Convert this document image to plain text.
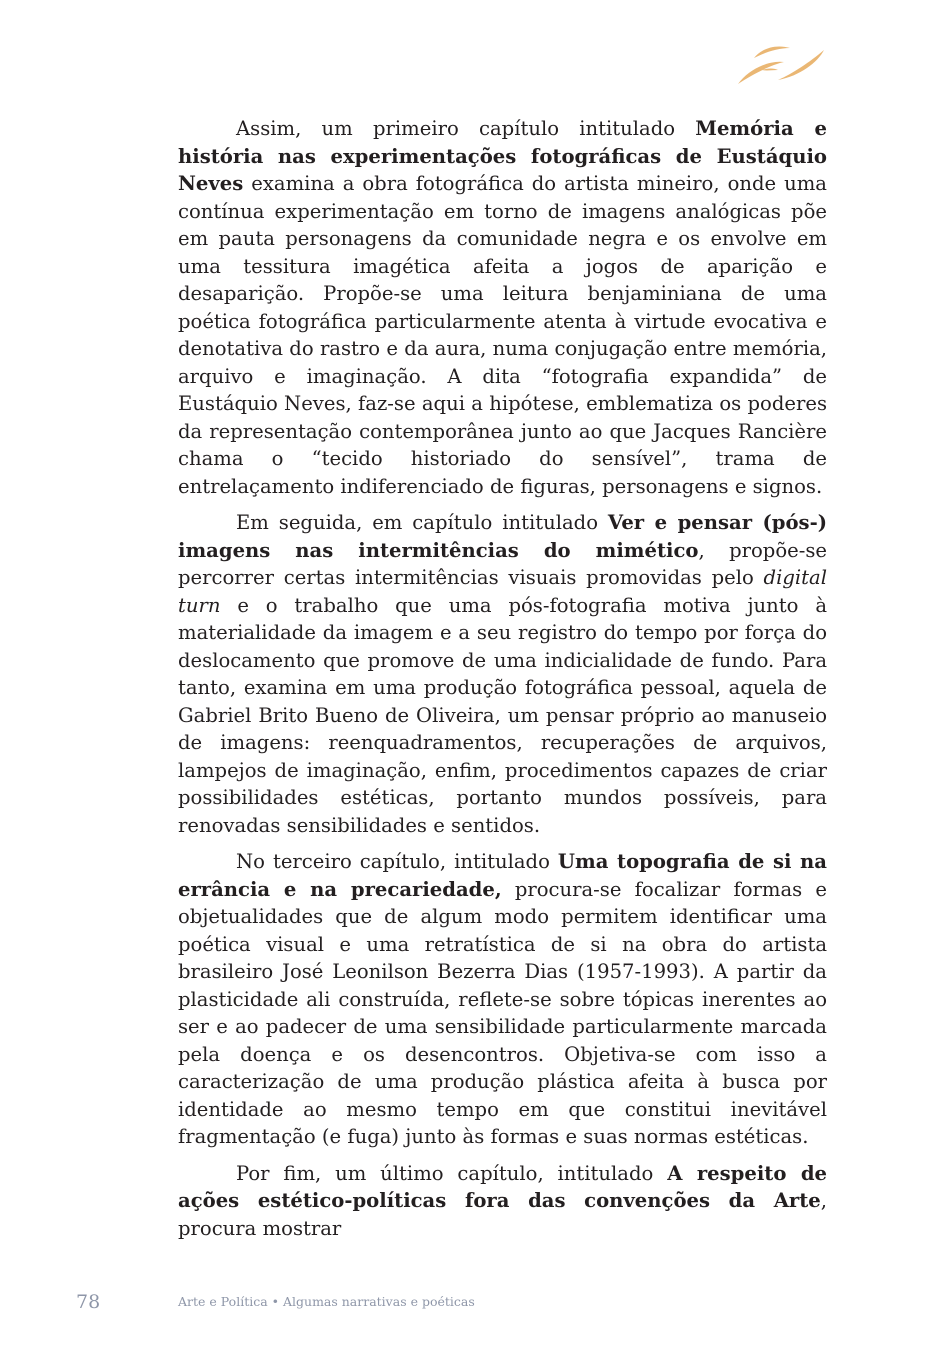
Assim, um primeiro capítulo intitulado Memória e história nas experimentações fotográficas de Eustáquio Neves examina a obra fotográfica do artista mineiro, onde uma contínua experimentação em torno de imagens analógicas põe em pauta personagens da comunidade negra e os envolve em uma tessitura imagética afeita a jogos de aparição e desaparição. Propõe-se uma leitura benjaminiana de uma poética fotográfica particularmente atenta à virtude evocativa e denotativa do rastro e da aura, numa conjugação entre memória, arquivo e imaginação. A dita “fotografia expandida” de Eustáquio Neves, faz-se aqui a hipótese, emblematiza os poderes da representação contemporânea junto ao que Jacques Rancière chama o “tecido historiado do sensível”, trama de entrelaçamento indiferenciado de figuras, personagens e signos.

Em seguida, em capítulo intitulado Ver e pensar (pós-) imagens nas intermitências do mimético, propõe-se percorrer certas intermitências visuais promovidas pelo digital turn e o trabalho que uma pós-fotografia motiva junto à materialidade da imagem e a seu registro do tempo por força do deslocamento que promove de uma indicialidade de fundo. Para tanto, examina em uma produção fotográfica pessoal, aquela de Gabriel Brito Bueno de Oliveira, um pensar próprio ao manuseio de imagens: reenquadramentos, recuperações de arquivos, lampejos de imaginação, enfim, procedimentos capazes de criar possibilidades estéticas, portanto mundos possíveis, para renovadas sensibilidades e sentidos.

No terceiro capítulo, intitulado Uma topografia de si na errância e na precariedade, procura-se focalizar formas e objetualidades que de algum modo permitem identificar uma poética visual e uma retratística de si na obra do artista brasileiro José Leonilson Bezerra Dias (1957-1993). A partir da plasticidade ali construída, reflete-se sobre tópicas inerentes ao ser e ao padecer de uma sensibilidade particularmente marcada pela doença e os desencontros. Objetiva-se com isso a caracterização de uma produção plástica afeita à busca por identidade ao mesmo tempo em que constitui inevitável fragmentação (e fuga) junto às formas e suas normas estéticas.

Por fim, um último capítulo, intitulado A respeito de ações estético-políticas fora das convenções da Arte, procura mostrar

78	Arte e Política • Algumas narrativas e poéticas
